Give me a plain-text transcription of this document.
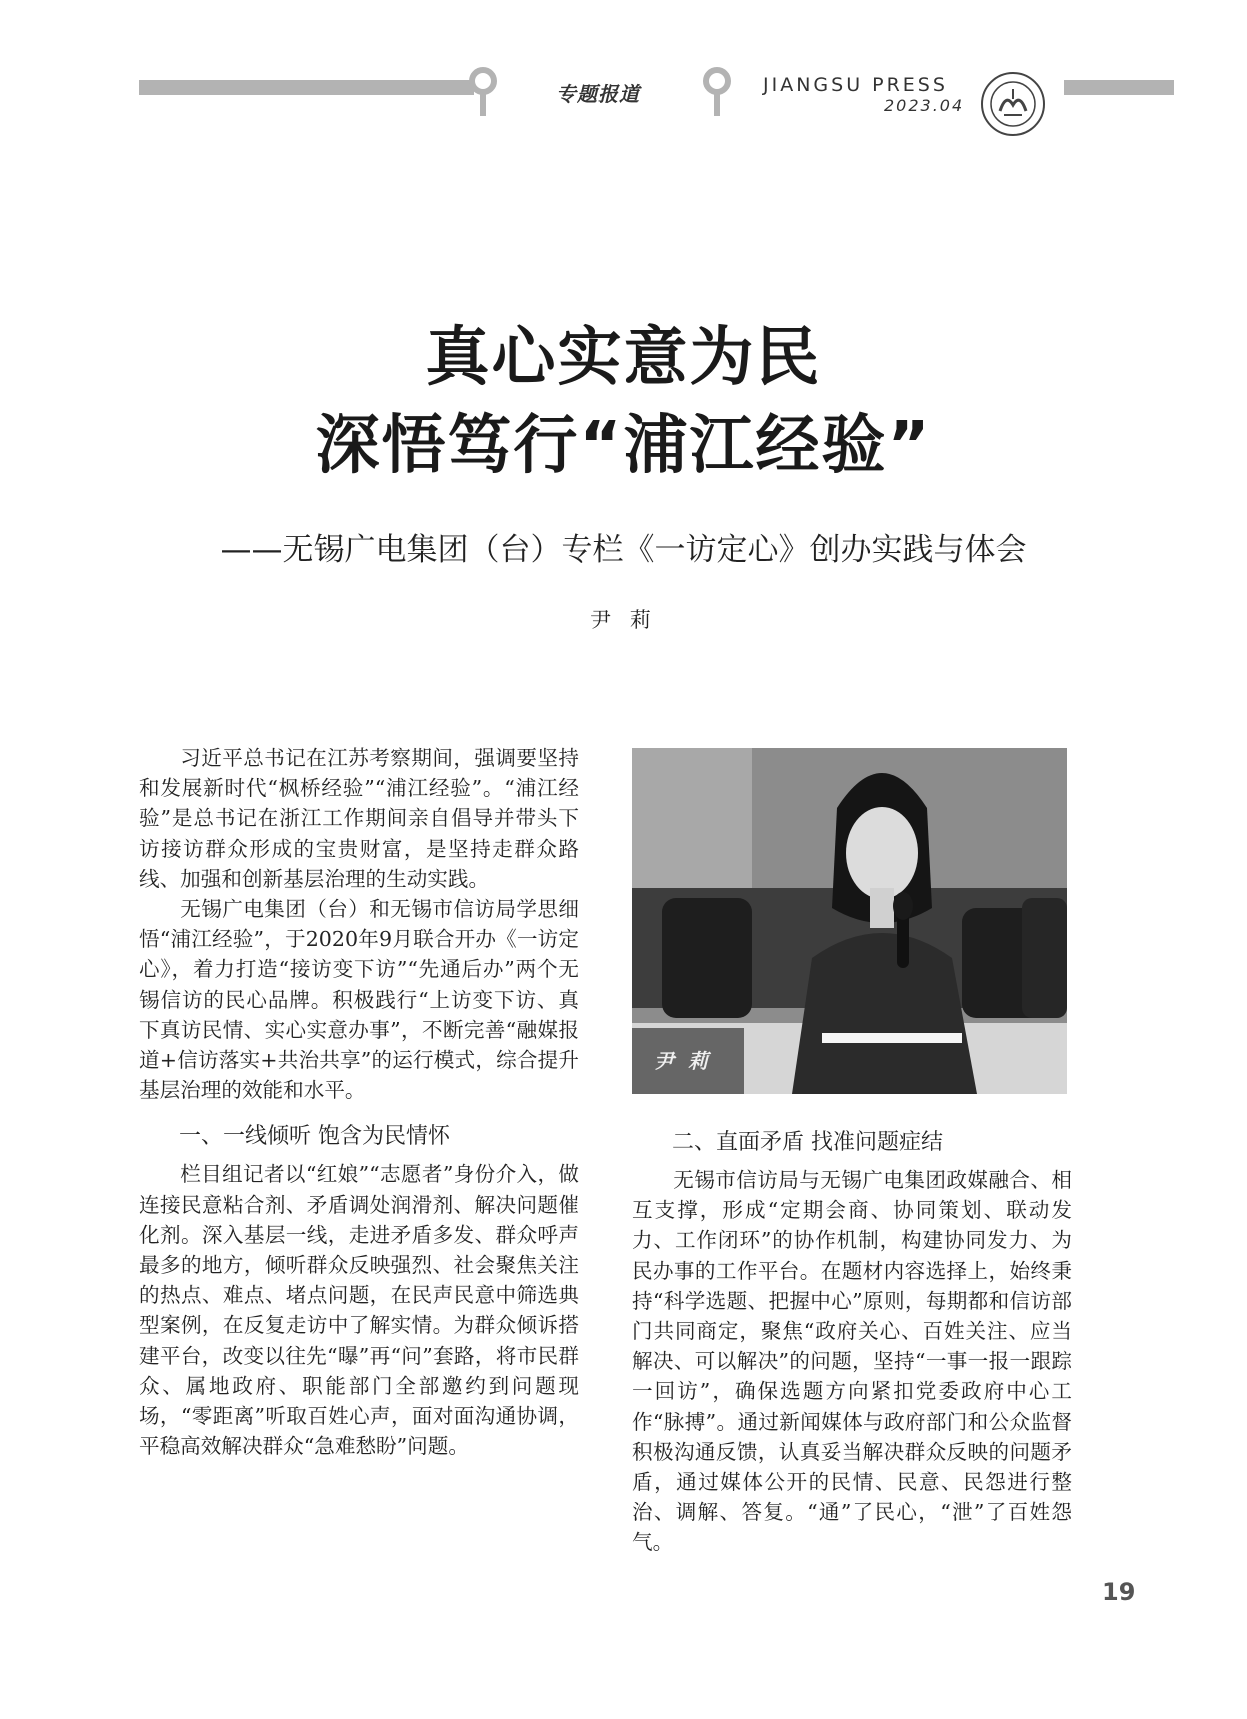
专题报道	JIANGSU PRESS
2023.04
真心实意为民
深悟笃行“浦江经验”
——无锡广电集团（台）专栏《一访定心》创办实践与体会
尹 莉

习近平总书记在江苏考察期间，强调要坚持和发展新时代“枫桥经验”“浦江经验”。“浦江经验”是总书记在浙江工作期间亲自倡导并带头下访接访群众形成的宝贵财富，是坚持走群众路线、加强和创新基层治理的生动实践。

无锡广电集团（台）和无锡市信访局学思细悟“浦江经验”，于2020年9月联合开办《一访定心》，着力打造“接访变下访”“先通后办”两个无锡信访的民心品牌。积极践行“上访变下访、真下真访民情、实心实意办事”，不断完善“融媒报道+信访落实+共治共享”的运行模式，综合提升基层治理的效能和水平。

一、一线倾听 饱含为民情怀

栏目组记者以“红娘”“志愿者”身份介入，做连接民意粘合剂、矛盾调处润滑剂、解决问题催化剂。深入基层一线，走进矛盾多发、群众呼声最多的地方，倾听群众反映强烈、社会聚焦关注的热点、难点、堵点问题，在民声民意中筛选典型案例，在反复走访中了解实情。为群众倾诉搭建平台，改变以往先“曝”再“问”套路，将市民群众、属地政府、职能部门全部邀约到问题现场，“零距离”听取百姓心声，面对面沟通协调，平稳高效解决群众“急难愁盼”问题。

尹莉
二、直面矛盾 找准问题症结

无锡市信访局与无锡广电集团政媒融合、相互支撑，形成“定期会商、协同策划、联动发力、工作闭环”的协作机制，构建协同发力、为民办事的工作平台。在题材内容选择上，始终秉持“科学选题、把握中心”原则，每期都和信访部门共同商定，聚焦“政府关心、百姓关注、应当解决、可以解决”的问题，坚持“一事一报一跟踪一回访”，确保选题方向紧扣党委政府中心工作“脉搏”。通过新闻媒体与政府部门和公众监督积极沟通反馈，认真妥当解决群众反映的问题矛盾，通过媒体公开的民情、民意、民怨进行整治、调解、答复。“通”了民心，“泄”了百姓怨气。

19
